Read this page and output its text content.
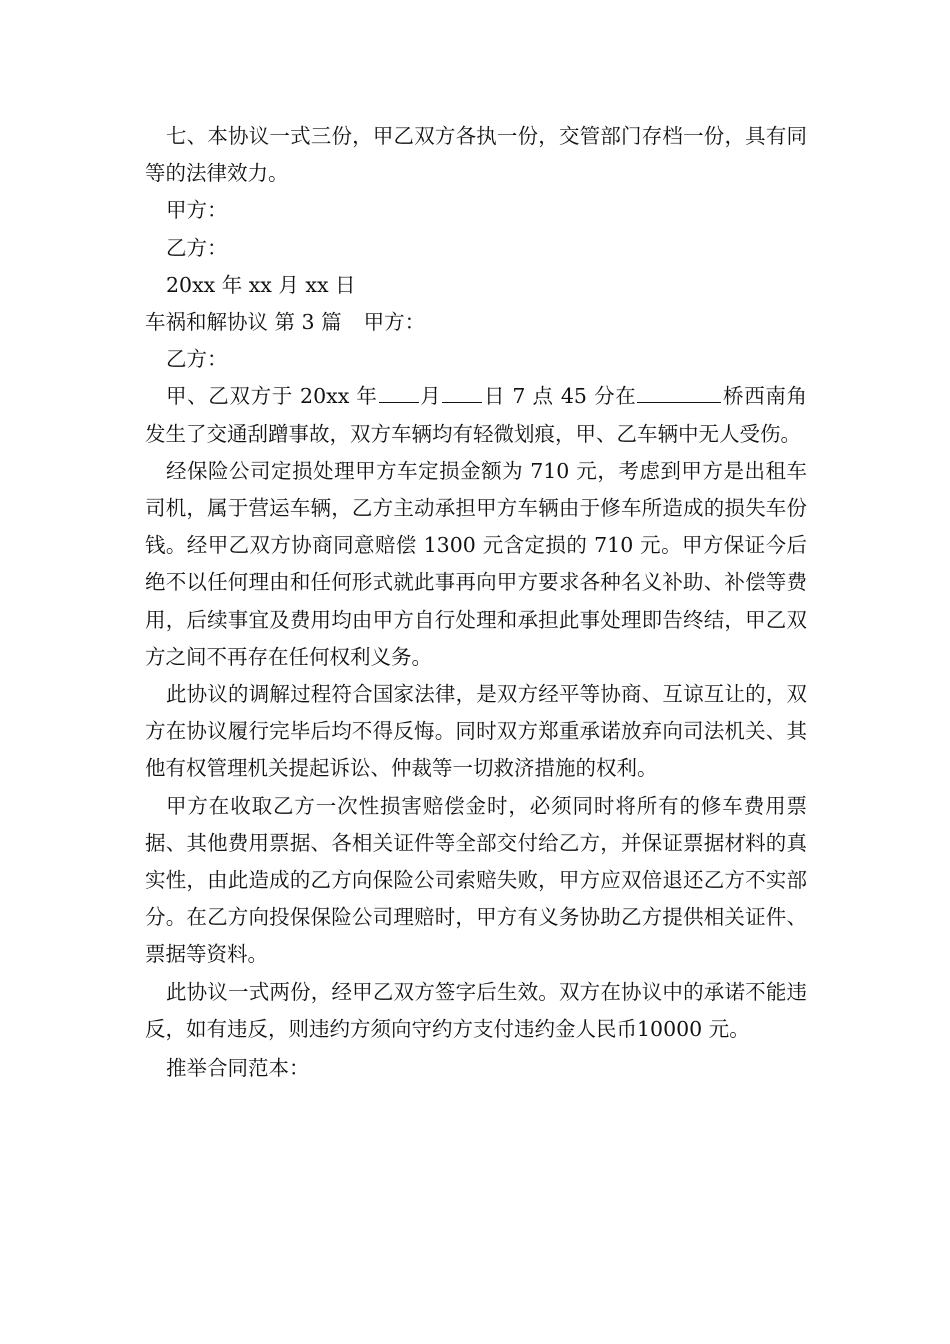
七、本协议一式三份，甲乙双方各执一份，交管部门存档一份，具有同等的法律效力。

甲方：

乙方：

20xx 年 xx 月 xx 日

车祸和解协议 第 3 篇 甲方：

乙方：

甲、乙双方于 20xx 年 月 日 7 点 45 分在	桥西南角发生了交通刮蹭事故，双方车辆均有轻微划痕，甲、乙车辆中无人受伤。

经保险公司定损处理甲方车定损金额为 710 元，考虑到甲方是出租车司机，属于营运车辆，乙方主动承担甲方车辆由于修车所造成的损失车份钱。经甲乙双方协商同意赔偿 1300 元含定损的 710 元。甲方保证今后绝不以任何理由和任何形式就此事再向甲方要求各种名义补助、补偿等费用，后续事宜及费用均由甲方自行处理和承担此事处理即告终结，甲乙双方之间不再存在任何权利义务。

此协议的调解过程符合国家法律，是双方经平等协商、互谅互让的，双方在协议履行完毕后均不得反悔。同时双方郑重承诺放弃向司法机关、其他有权管理机关提起诉讼、仲裁等一切救济措施的权利。

甲方在收取乙方一次性损害赔偿金时，必须同时将所有的修车费用票据、其他费用票据、各相关证件等全部交付给乙方，并保证票据材料的真实性，由此造成的乙方向保险公司索赔失败，甲方应双倍退还乙方不实部分。在乙方向投保保险公司理赔时，甲方有义务协助乙方提供相关证件、票据等资料。

此协议一式两份，经甲乙双方签字后生效。双方在协议中的承诺不能违反，如有违反，则违约方须向守约方支付违约金人民币10000 元。

推举合同范本：
